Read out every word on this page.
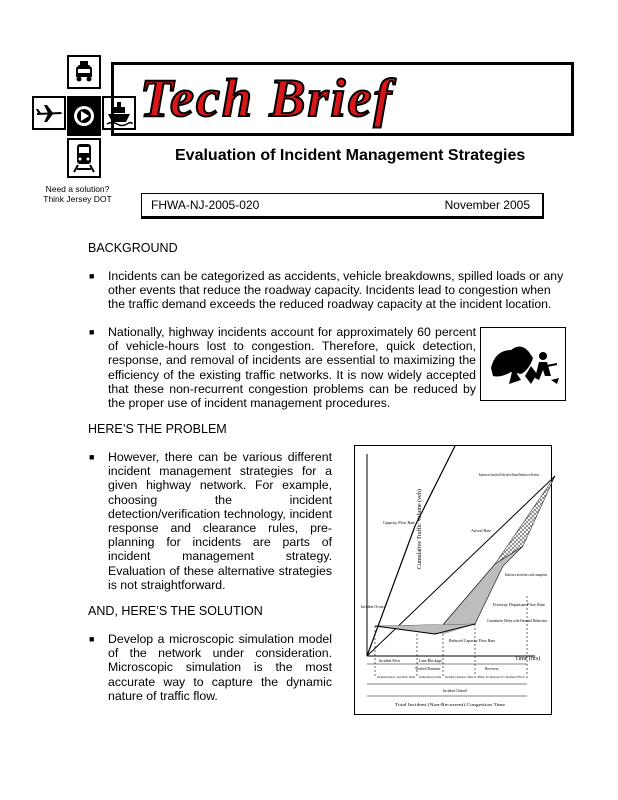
Tech Brief
Evaluation of Incident Management Strategies
Need a solution?
Think Jersey DOT	FHWA-NJ-2005-020	November 2005
BACKGROUND
■ Incidents can be categorized as accidents, vehicle breakdowns, spilled loads or any other events that reduce the roadway capacity. Incidents lead to congestion when the traffic demand exceeds the reduced roadway capacity at the incident location.
■ Nationally, highway incidents account for approximately 60 percent of vehicle-hours lost to congestion. Therefore, quick detection, response, and removal of incidents are essential to maximizing the efficiency of the existing traffic networks. It is now widely accepted that these non-recurrent congestion problems can be reduced by the proper use of incident management procedures.
HERE’S THE PROBLEM
■ However, there can be various different incident management strategies for a given highway network. For example, choosing the incident detection/verification technology, incident response and clearance rules, pre-planning for incidents are parts of incident management strategy. Evaluation of these alternative strategies is not straightforward.
AND, HERE’S THE SOLUTION
■ Develop a microscopic simulation model of the network under consideration. Microscopic simulation is the most accurate way to capture the dynamic nature of traffic flow.
Cumulative Traffic Volume (veh)
Time (hrs)
Capacity Flow Rate
Reduction in Cumulative Delay due to Demand Reduction on Diversion
Arrival Rate
Reduction in arrivals due to traffic management
Freeway Departure Flow Rate
Cumulative Delay with Demand Reduction
Reduced Capacity Flow Rate
Incident Occurs
Incident Flow	Lane Blockage
Verified Duration	Recovery
Incident Detect. and Verif. Time Incident Response Time Incident Clearance Time Time To Return To Normal Flow
Incident Cleared
Total Incident (Non-Recurrent) Congestion Time
